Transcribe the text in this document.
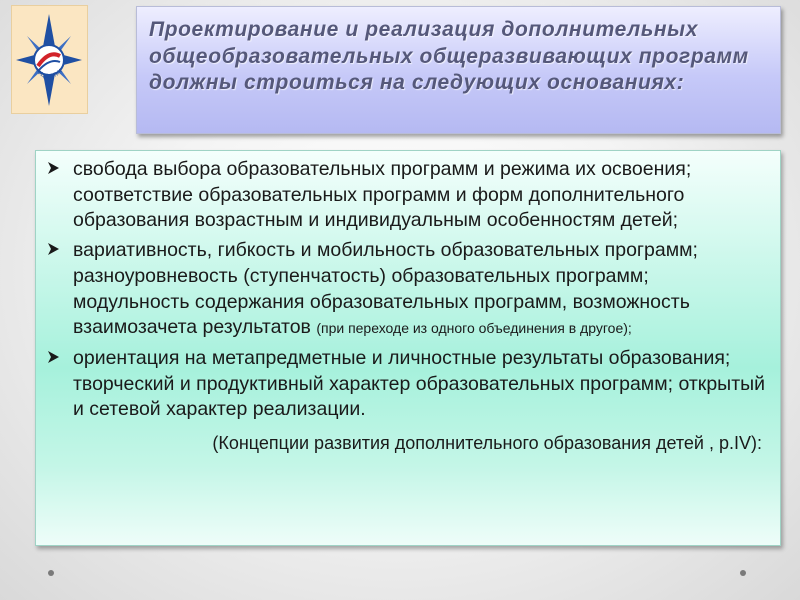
ФЦДЮТиК

Проектирование и реализация дополнительных общеобразовательных общеразвивающих программ должны строиться на следующих основаниях:

свобода выбора образовательных программ и режима их освоения; соответствие образовательных программ и форм дополнительного образования возрастным и индивидуальным особенностям детей;

вариативность, гибкость и мобильность образовательных программ; разноуровневость (ступенчатость) образовательных программ; модульность содержания образовательных программ, возможность взаимозачета результатов (при переходе из одного объединения в другое);

ориентация на метапредметные и личностные результаты образования; творческий и продуктивный характер образовательных программ; открытый и сетевой характер реализации.

(Концепции развития дополнительного образования детей , р.IV):
